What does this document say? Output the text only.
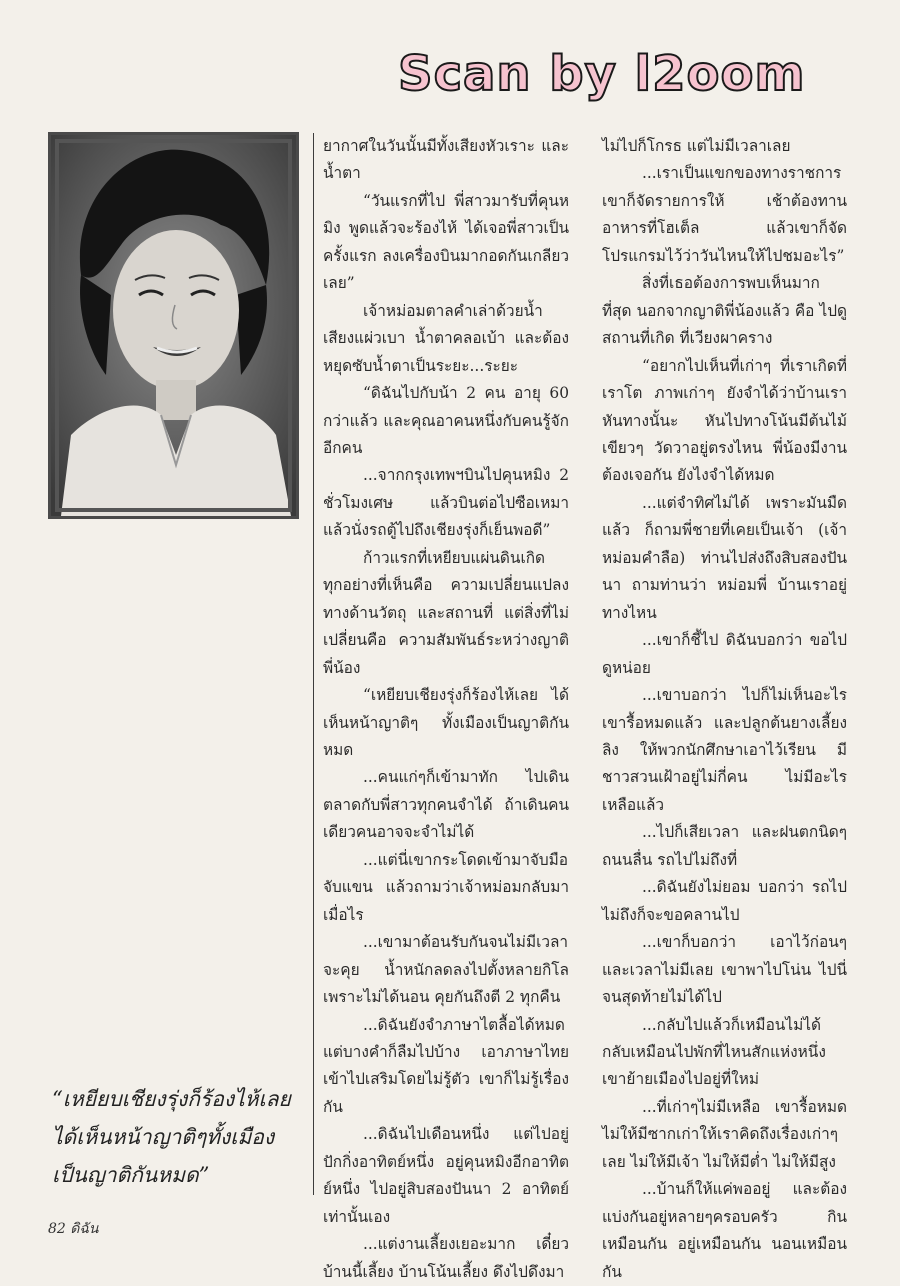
Scan by l2oom

ยากาศในวันนั้นมีทั้งเสียงหัวเราะ และน้ำตา

“วันแรกที่ไป พี่สาวมารับที่คุนหมิง พูดแล้วจะร้องไห้ ได้เจอพี่สาวเป็นครั้งแรก ลงเครื่องบินมากอดกันเกลียวเลย”

เจ้าหม่อมตาลคำเล่าด้วยน้ำเสียงแผ่วเบา น้ำตาคลอเบ้า และต้องหยุดซับน้ำตาเป็นระยะ...ระยะ

“ดิฉันไปกับน้า 2 คน อายุ 60 กว่าแล้ว และคุณอาคนหนึ่งกับคนรู้จักอีกคน

...จากกรุงเทพฯบินไปคุนหมิง 2 ชั่วโมงเศษ แล้วบินต่อไปซือเหมา แล้วนั่งรถตู้ไปถึงเชียงรุ่งก็เย็นพอดี”

ก้าวแรกที่เหยียบแผ่นดินเกิด ทุกอย่างที่เห็นคือ ความเปลี่ยนแปลงทางด้านวัตถุ และสถานที่ แต่สิ่งที่ไม่เปลี่ยนคือ ความสัมพันธ์ระหว่างญาติพี่น้อง

“เหยียบเชียงรุ่งก็ร้องไห้เลย ได้เห็นหน้าญาติๆ ทั้งเมืองเป็นญาติกันหมด

...คนแก่ๆก็เข้ามาทัก ไปเดินตลาดกับพี่สาวทุกคนจำได้ ถ้าเดินคนเดียวคนอาจจะจำไม่ได้

...แต่นี่เขากระโดดเข้ามาจับมือจับแขน แล้วถามว่าเจ้าหม่อมกลับมาเมื่อไร

...เขามาต้อนรับกันจนไม่มีเวลาจะคุย น้ำหนักลดลงไปตั้งหลายกิโลเพราะไม่ได้นอน คุยกันถึงตี 2 ทุกคืน

...ดิฉันยังจำภาษาไตลื้อได้หมดแต่บางคำก็ลืมไปบ้าง เอาภาษาไทยเข้าไปเสริมโดยไม่รู้ตัว เขาก็ไม่รู้เรื่องกัน

...ดิฉันไปเดือนหนึ่ง แต่ไปอยู่ปักกิ่งอาทิตย์หนึ่ง อยู่คุนหมิงอีกอาทิตย์หนึ่ง ไปอยู่สิบสองปันนา 2 อาทิตย์เท่านั้นเอง

...แต่งานเลี้ยงเยอะมาก เดี๋ยวบ้านนี้เลี้ยง บ้านโน้นเลี้ยง ดึงไปดึงมา

ไม่ไปก็โกรธ แต่ไม่มีเวลาเลย

...เราเป็นแขกของทางราชการเขาก็จัดรายการให้ เช้าต้องทานอาหารที่โฮเต็ล แล้วเขาก็จัดโปรแกรมไว้ว่าวันไหนให้ไปชมอะไร”

สิ่งที่เธอต้องการพบเห็นมากที่สุด นอกจากญาติพี่น้องแล้ว คือ ไปดูสถานที่เกิด ที่เวียงผาคราง

“อยากไปเห็นที่เก่าๆ ที่เราเกิดที่เราโต ภาพเก่าๆ ยังจำได้ว่าบ้านเราหันทางนั้นะ หันไปทางโน้นมีต้นไม้เขียวๆ วัดวาอยู่ตรงไหน พี่น้องมีงานต้องเจอกัน ยังไงจำได้หมด

...แต่จำทิศไม่ได้ เพราะมันมืดแล้ว ก็ถามพี่ชายที่เคยเป็นเจ้า (เจ้าหม่อมคำลือ) ท่านไปส่งถึงสิบสองปันนา ถามท่านว่า หม่อมพี่ บ้านเราอยู่ทางไหน

...เขาก็ชี้ไป ดิฉันบอกว่า ขอไปดูหน่อย

...เขาบอกว่า ไปก็ไม่เห็นอะไรเขารื้อหมดแล้ว และปลูกต้นยางเลี้ยงลิง ให้พวกนักศึกษาเอาไว้เรียน มีชาวสวนเฝ้าอยู่ไม่กี่คน ไม่มีอะไรเหลือแล้ว

...ไปก็เสียเวลา และฝนตกนิดๆ ถนนลื่น รถไปไม่ถึงที่

...ดิฉันยังไม่ยอม บอกว่า รถไปไม่ถึงก็จะขอคลานไป

...เขาก็บอกว่า เอาไว้ก่อนๆ และเวลาไม่มีเลย เขาพาไปโน่น ไปนี่ จนสุดท้ายไม่ได้ไป

...กลับไปแล้วก็เหมือนไม่ได้กลับเหมือนไปพักที่ไหนสักแห่งหนึ่ง เขาย้ายเมืองไปอยู่ที่ใหม่

...ที่เก่าๆไม่มีเหลือ เขารื้อหมดไม่ให้มีซากเก่าให้เราคิดถึงเรื่องเก่าๆ เลย ไม่ให้มีเจ้า ไม่ให้มีต่ำ ไม่ให้มีสูง

...บ้านก็ให้แค่พออยู่ และต้องแบ่งกันอยู่หลายๆครอบครัว กินเหมือนกัน อยู่เหมือนกัน นอนเหมือนกัน

“เหยียบเชียงรุ่งก็ร้องไห้เลย ได้เห็นหน้าญาติๆทั้งเมือง เป็นญาติกันหมด”
82 ดิฉัน
